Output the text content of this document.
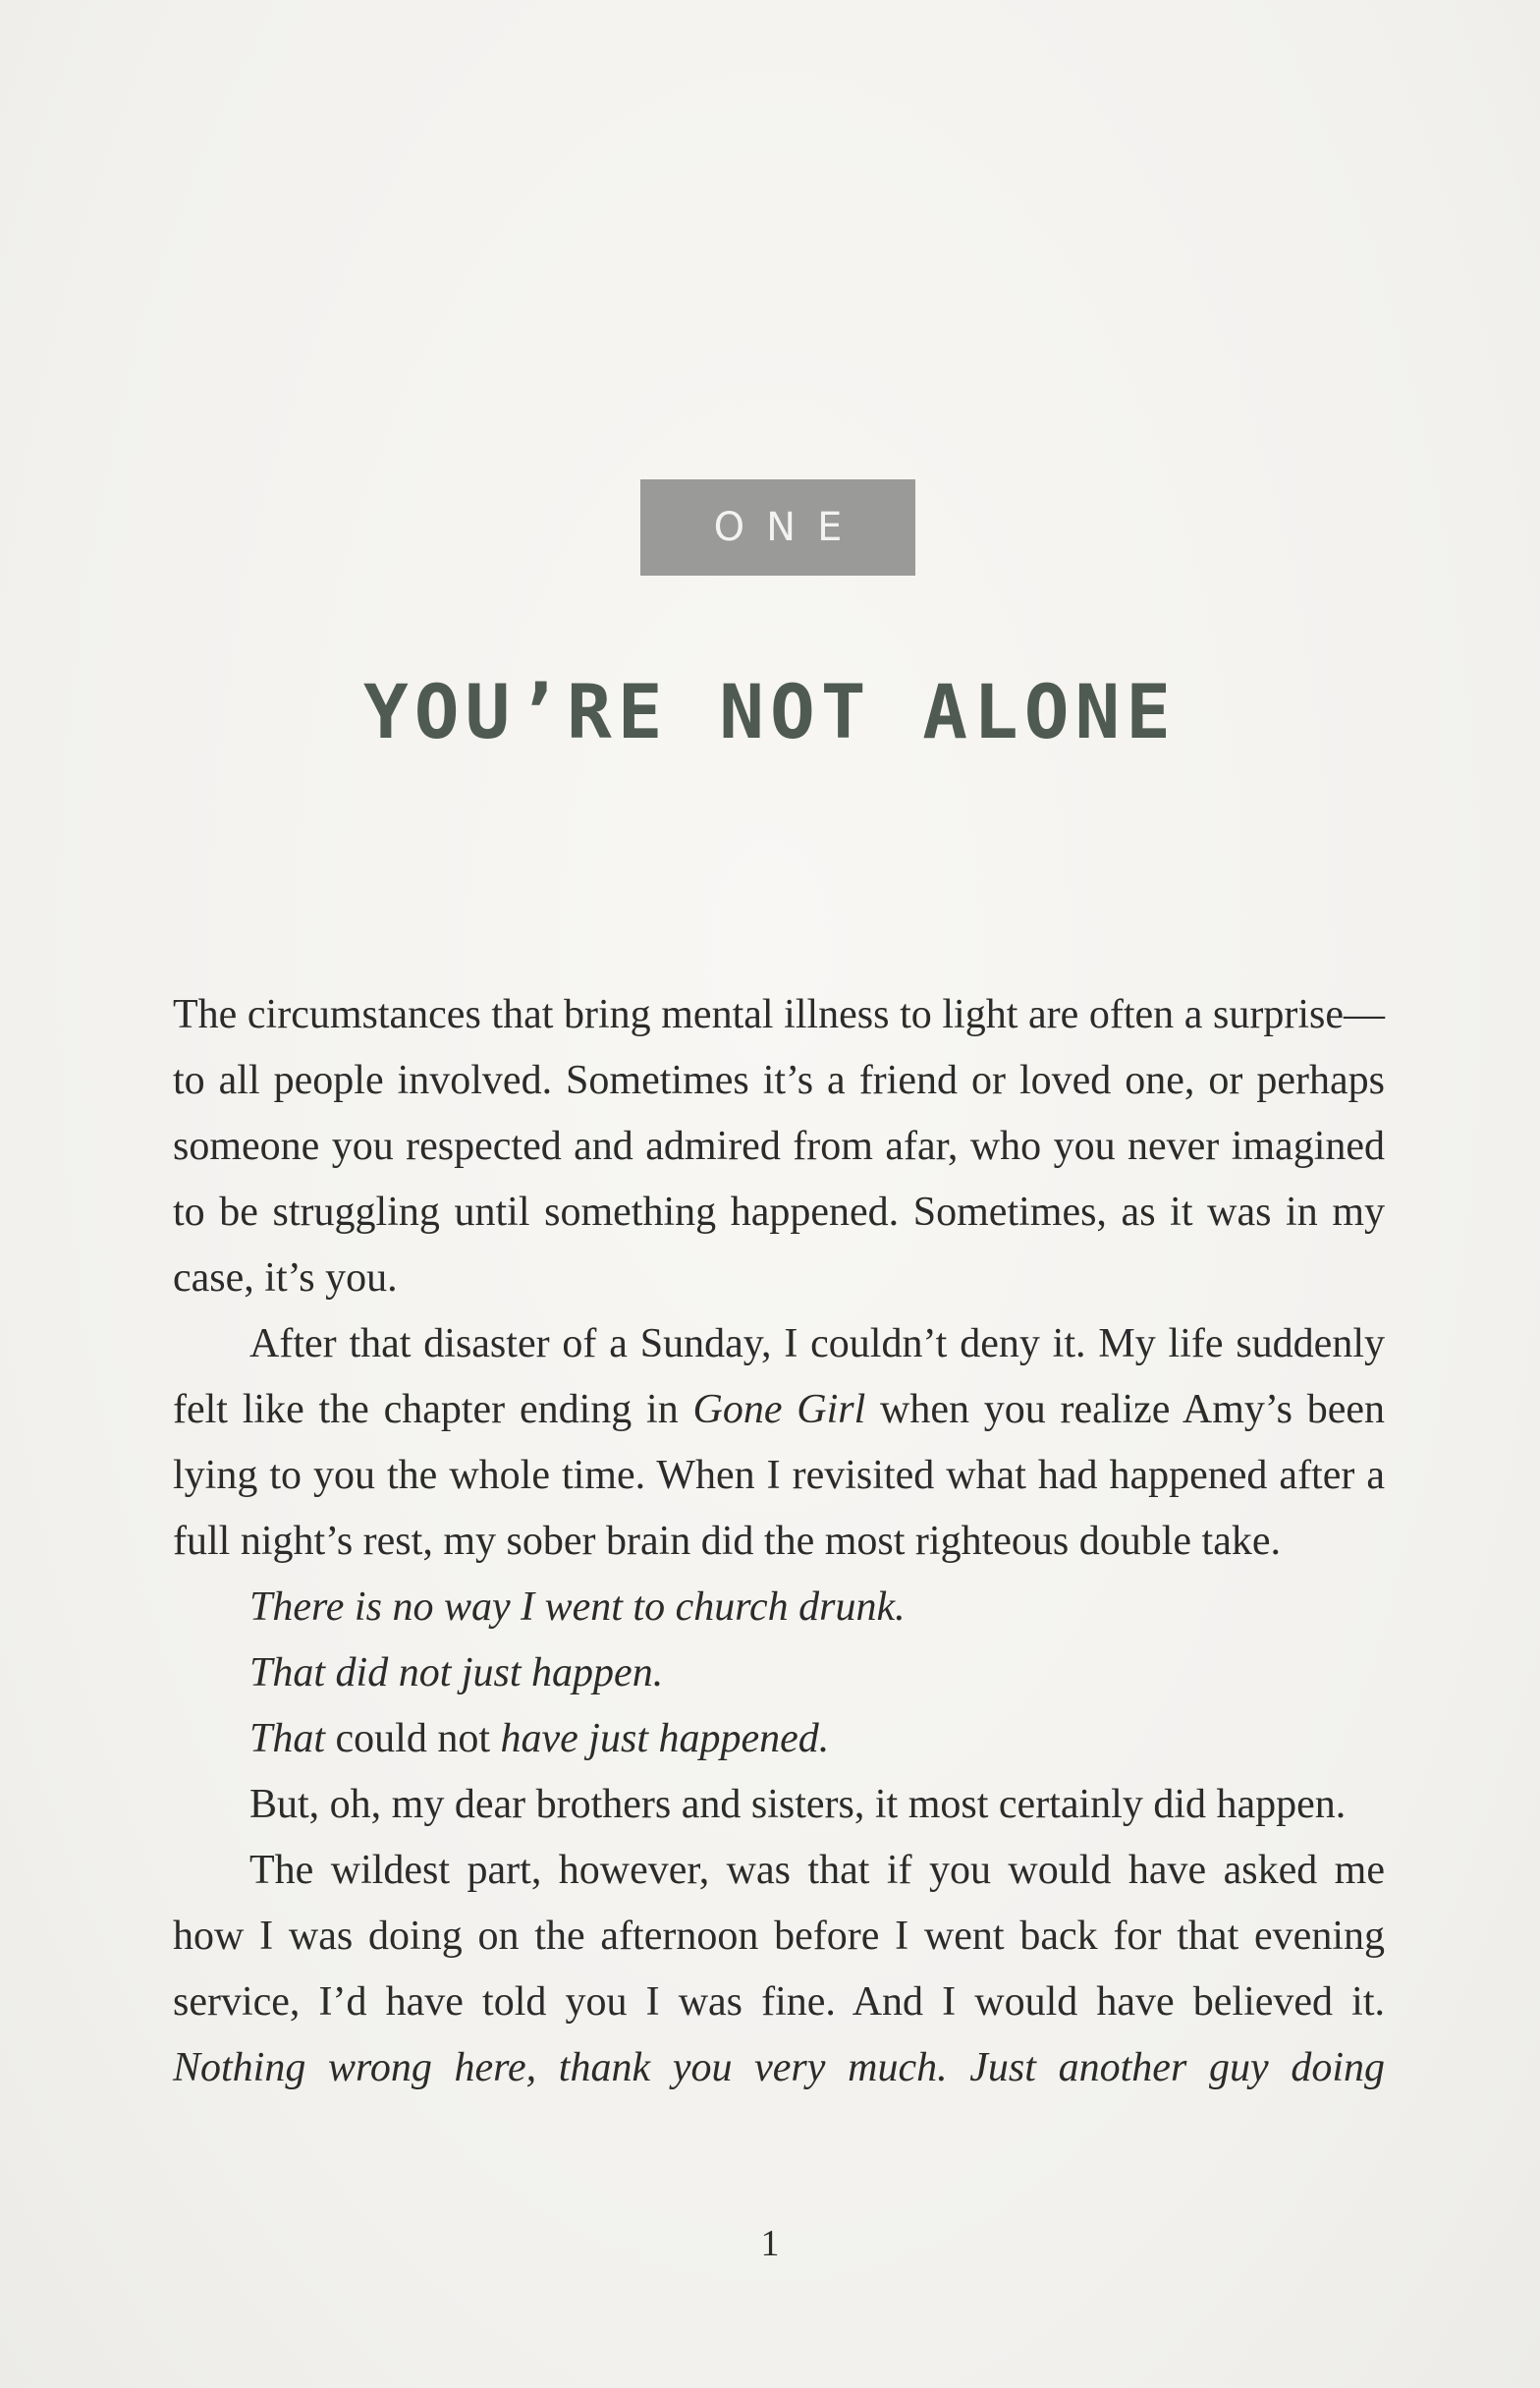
ONE
YOU’RE NOT ALONE

The circumstances that bring mental illness to light are often a surprise—to all people involved. Sometimes it’s a friend or loved one, or perhaps someone you respected and admired from afar, who you never imagined to be struggling until something happened. Sometimes, as it was in my case, it’s you.

After that disaster of a Sunday, I couldn’t deny it. My life suddenly felt like the chapter ending in Gone Girl when you realize Amy’s been lying to you the whole time. When I revisited what had happened after a full night’s rest, my sober brain did the most righteous double take.

There is no way I went to church drunk.

That did not just happen.

That could not have just happened.

But, oh, my dear brothers and sisters, it most certainly did happen.

The wildest part, however, was that if you would have asked me how I was doing on the afternoon before I went back for that evening service, I’d have told you I was fine. And I would have believed it. Nothing wrong here, thank you very much. Just another guy doing

1
